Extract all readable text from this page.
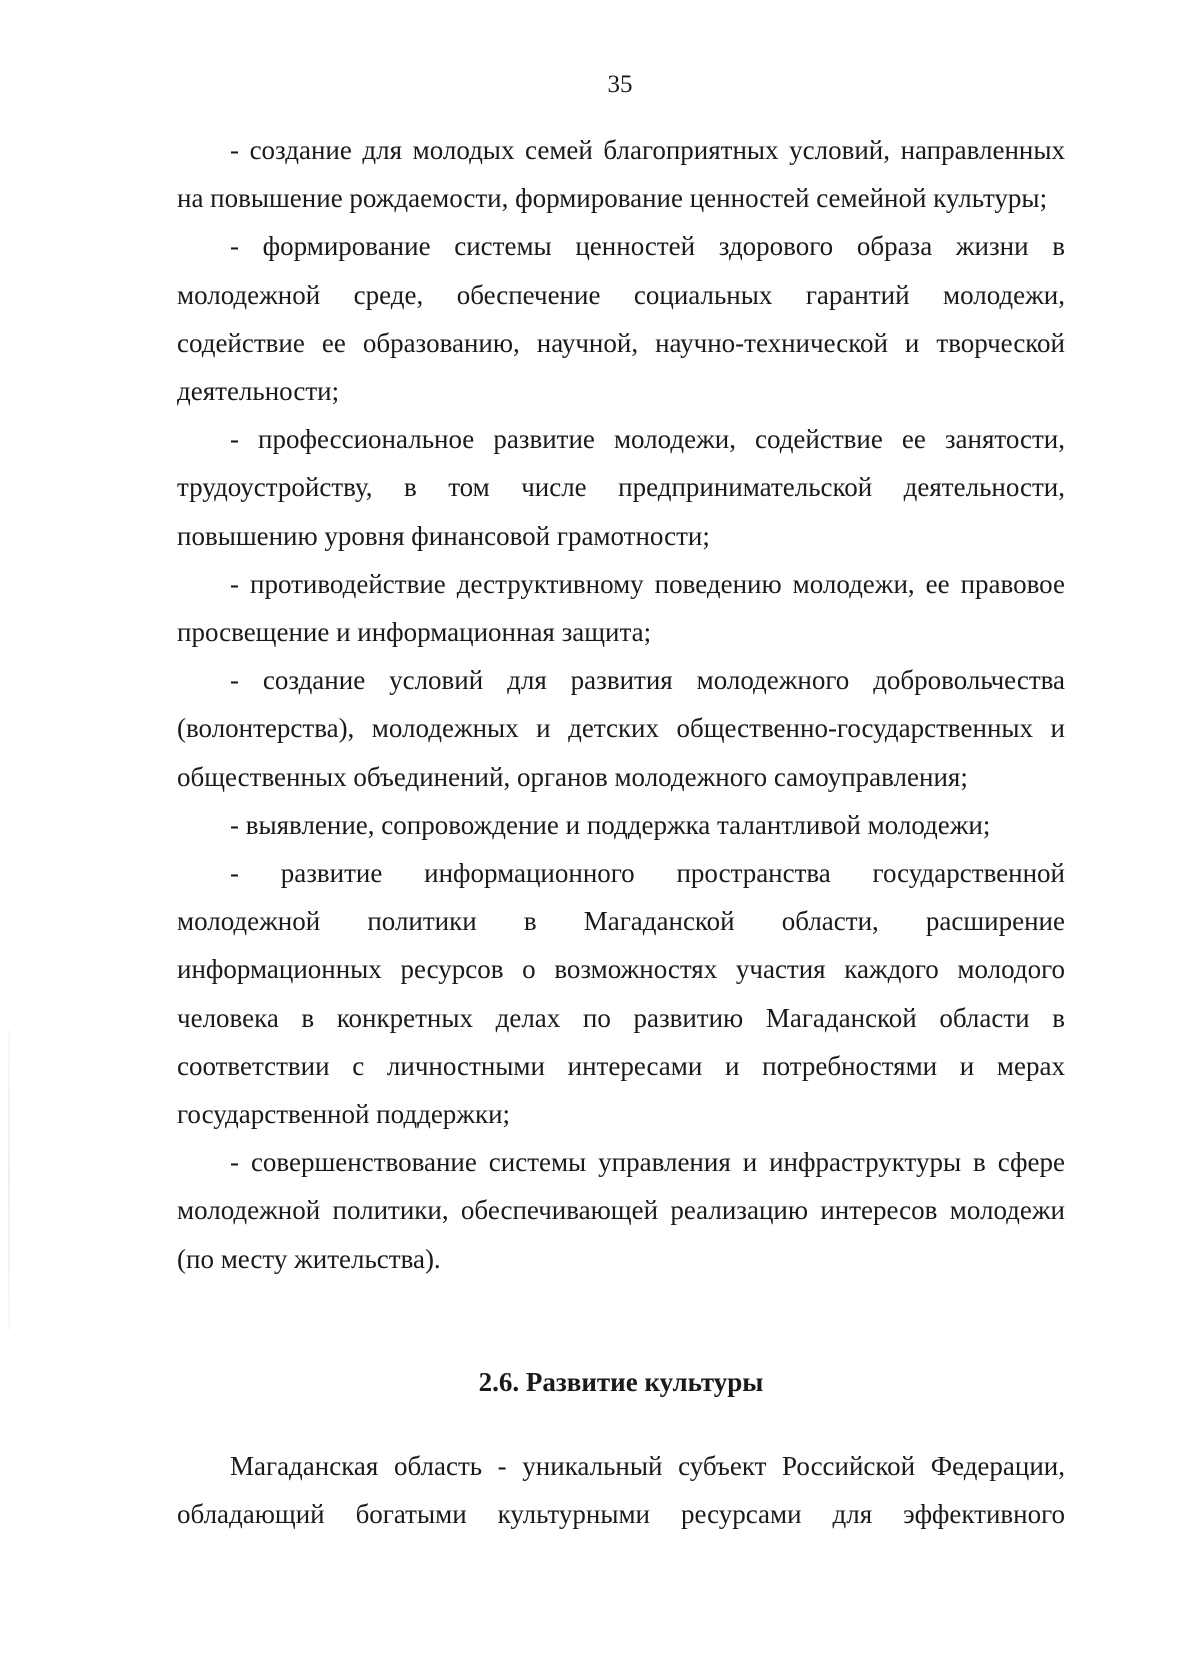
35

- создание для молодых семей благоприятных условий, направленных на повышение рождаемости, формирование ценностей семейной культуры;

- формирование системы ценностей здорового образа жизни в молодежной среде, обеспечение социальных гарантий молодежи, содействие ее образованию, научной, научно-технической и творческой деятельности;

- профессиональное развитие молодежи, содействие ее занятости, трудоустройству, в том числе предпринимательской деятельности, повышению уровня финансовой грамотности;

- противодействие деструктивному поведению молодежи, ее правовое просвещение и информационная защита;

- создание условий для развития молодежного добровольчества (волонтерства), молодежных и детских общественно-государственных и общественных объединений, органов молодежного самоуправления;

- выявление, сопровождение и поддержка талантливой молодежи;

- развитие информационного пространства государственной молодежной политики в Магаданской области, расширение информационных ресурсов о возможностях участия каждого молодого человека в конкретных делах по развитию Магаданской области в соответствии с личностными интересами и потребностями и мерах государственной поддержки;

- совершенствование системы управления и инфраструктуры в сфере молодежной политики, обеспечивающей реализацию интересов молодежи (по месту жительства).

2.6. Развитие культуры

Магаданская область - уникальный субъект Российской Федерации, обладающий богатыми культурными ресурсами для эффективного
